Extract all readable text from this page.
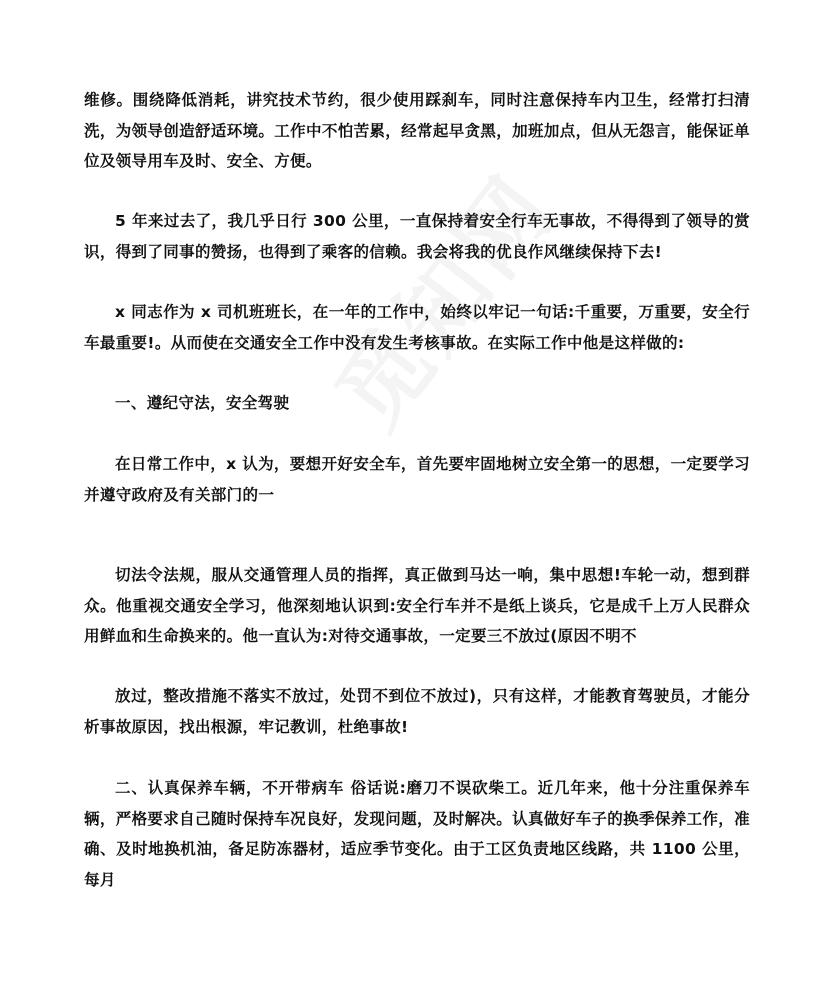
维修。围绕降低消耗，讲究技术节约，很少使用踩刹车，同时注意保持车内卫生，经常打扫清洗，为领导创造舒适环境。工作中不怕苦累，经常起早贪黑，加班加点，但从无怨言，能保证单位及领导用车及时、安全、方便。

5 年来过去了，我几乎日行 300 公里，一直保持着安全行车无事故，不得得到了领导的赏识，得到了同事的赞扬，也得到了乘客的信赖。我会将我的优良作风继续保持下去!

x 同志作为 x 司机班班长，在一年的工作中，始终以牢记一句话:千重要，万重要，安全行车最重要!。从而使在交通安全工作中没有发生考核事故。在实际工作中他是这样做的:

一、遵纪守法，安全驾驶

在日常工作中，x 认为，要想开好安全车，首先要牢固地树立安全第一的思想，一定要学习并遵守政府及有关部门的一

切法令法规，服从交通管理人员的指挥，真正做到马达一响，集中思想!车轮一动，想到群众。他重视交通安全学习，他深刻地认识到:安全行车并不是纸上谈兵，它是成千上万人民群众用鲜血和生命换来的。他一直认为:对待交通事故，一定要三不放过(原因不明不

放过，整改措施不落实不放过，处罚不到位不放过)，只有这样，才能教育驾驶员，才能分析事故原因，找出根源，牢记教训，杜绝事故!

二、认真保养车辆，不开带病车 俗话说:磨刀不误砍柴工。近几年来，他十分注重保养车辆，严格要求自己随时保持车况良好，发现问题，及时解决。认真做好车子的换季保养工作，准确、及时地换机油，备足防冻器材，适应季节变化。由于工区负责地区线路，共 1100 公里，每月
